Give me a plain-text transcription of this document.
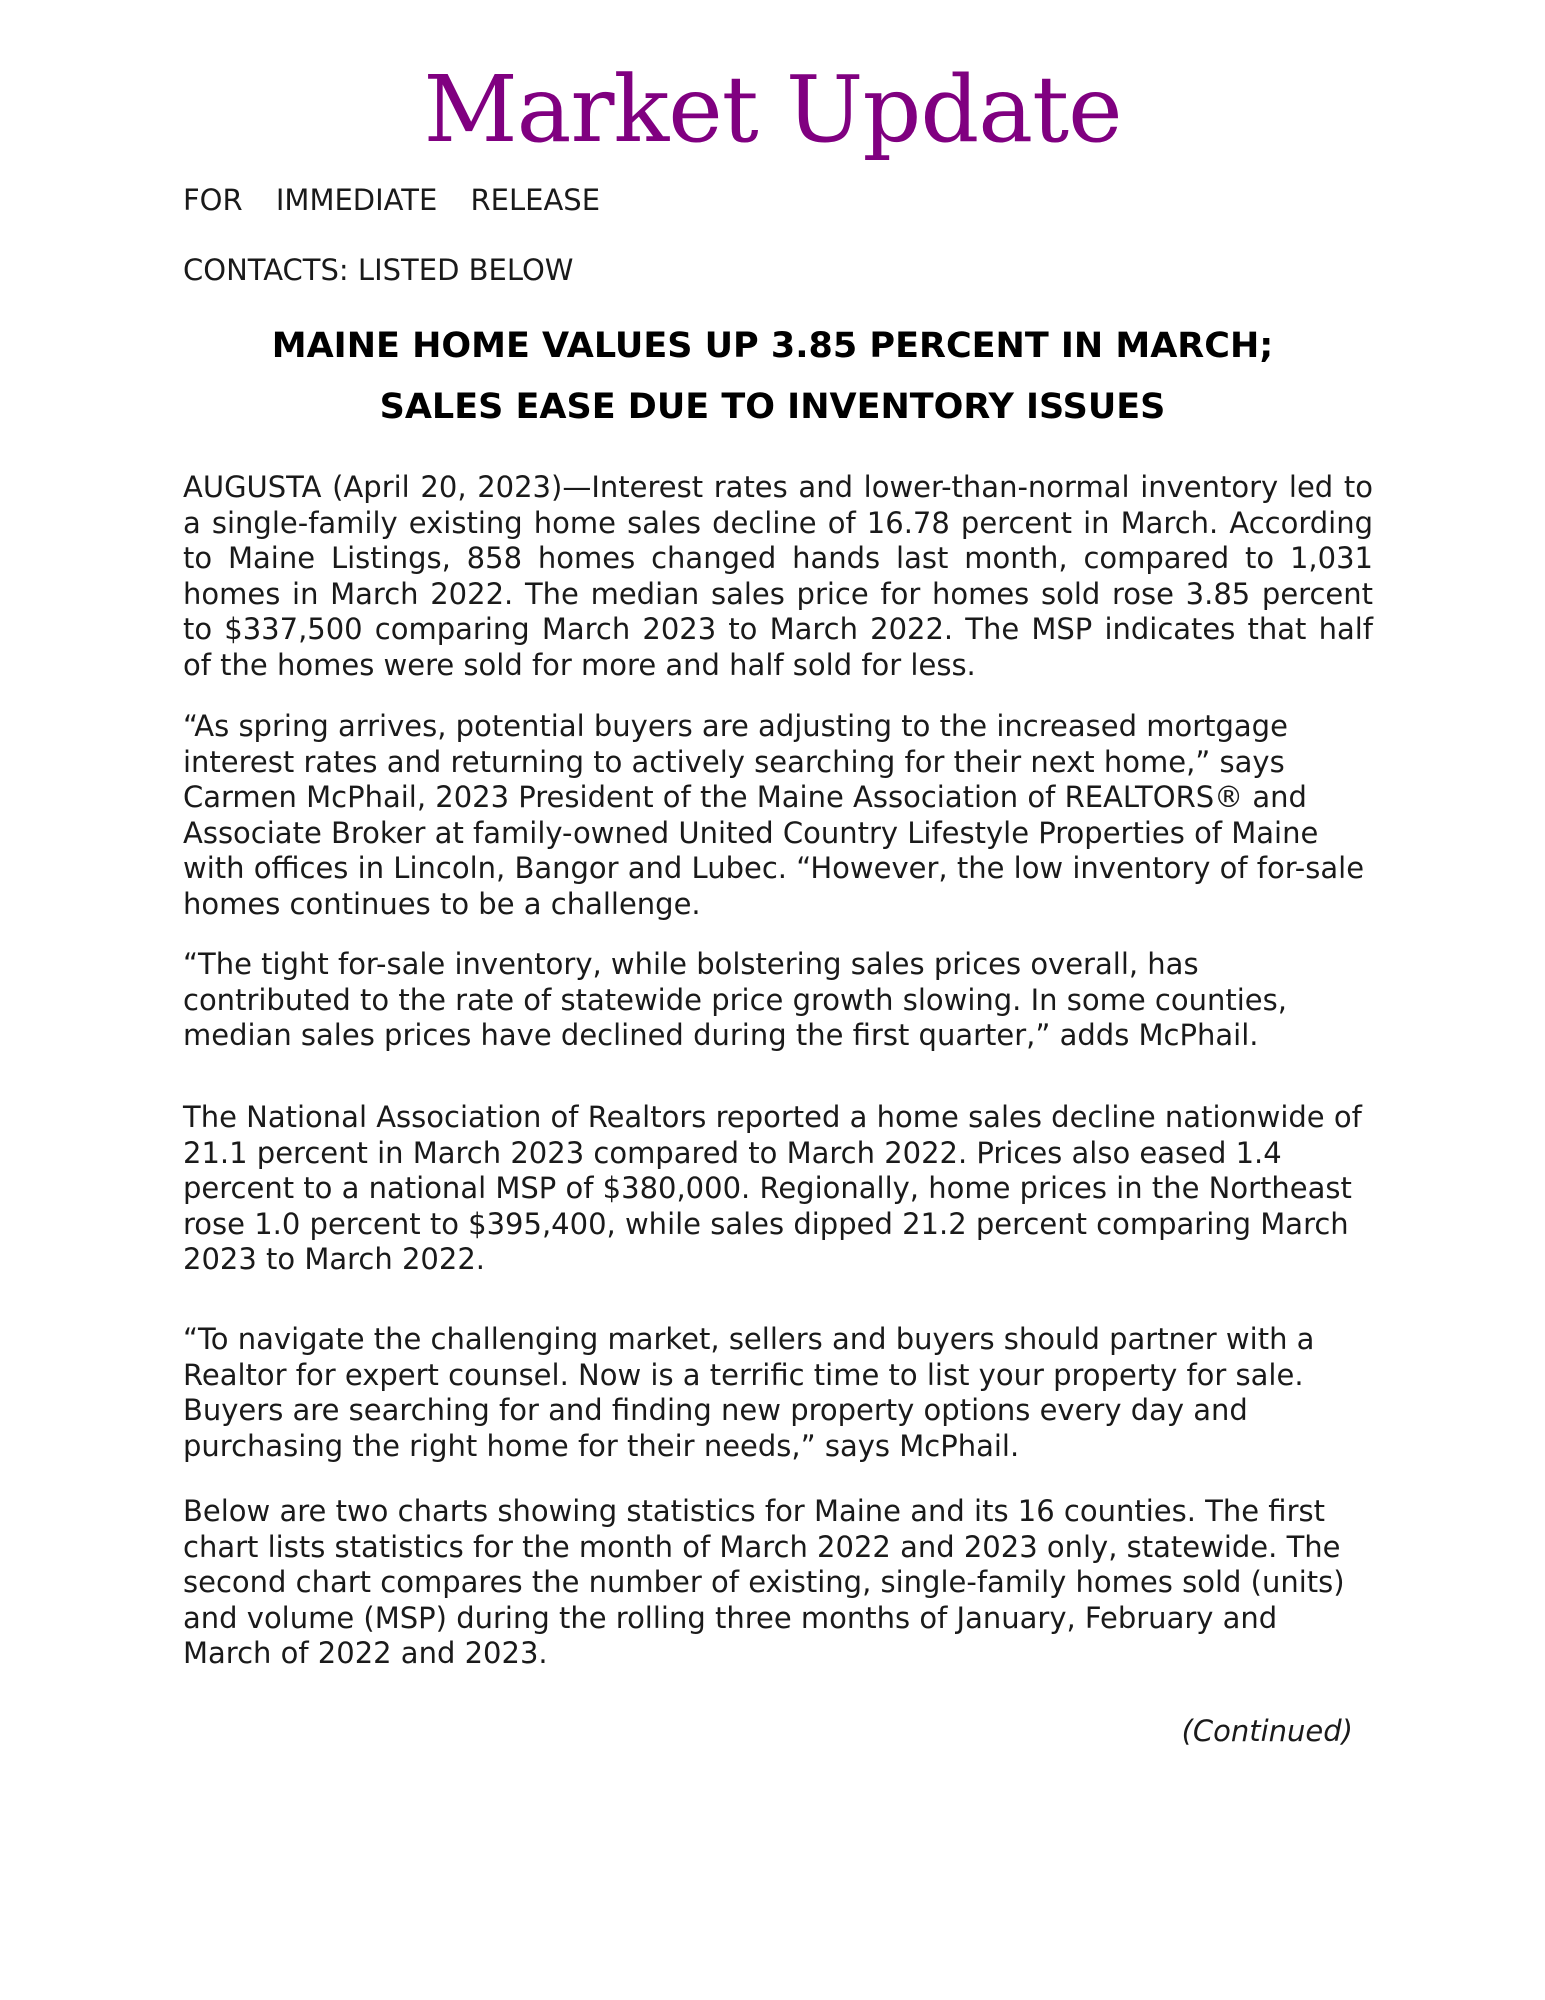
Market Update
FOR IMMEDIATE RELEASE
CONTACTS: LISTED BELOW
MAINE HOME VALUES UP 3.85 PERCENT IN MARCH;
SALES EASE DUE TO INVENTORY ISSUES

AUGUSTA (April 20, 2023)—Interest rates and lower-than-normal inventory led to a single-family existing home sales decline of 16.78 percent in March. According to Maine Listings, 858 homes changed hands last month, compared to 1,031 homes in March 2022. The median sales price for homes sold rose 3.85 percent to $337,500 comparing March 2023 to March 2022. The MSP indicates that half of the homes were sold for more and half sold for less.

“As spring arrives, potential buyers are adjusting to the increased mortgage interest rates and returning to actively searching for their next home,” says Carmen McPhail, 2023 President of the Maine Association of REALTORS® and Associate Broker at family-owned United Country Lifestyle Properties of Maine with offices in Lincoln, Bangor and Lubec. “However, the low inventory of for-sale homes continues to be a challenge.

“The tight for-sale inventory, while bolstering sales prices overall, has contributed to the rate of statewide price growth slowing. In some counties, median sales prices have declined during the first quarter,” adds McPhail.

The National Association of Realtors reported a home sales decline nationwide of 21.1 percent in March 2023 compared to March 2022. Prices also eased 1.4 percent to a national MSP of $380,000. Regionally, home prices in the Northeast rose 1.0 percent to $395,400, while sales dipped 21.2 percent comparing March 2023 to March 2022.

“To navigate the challenging market, sellers and buyers should partner with a Realtor for expert counsel. Now is a terrific time to list your property for sale. Buyers are searching for and finding new property options every day and purchasing the right home for their needs,” says McPhail.

Below are two charts showing statistics for Maine and its 16 counties. The first chart lists statistics for the month of March 2022 and 2023 only, statewide. The second chart compares the number of existing, single-family homes sold (units) and volume (MSP) during the rolling three months of January, February and March of 2022 and 2023.

(Continued)
